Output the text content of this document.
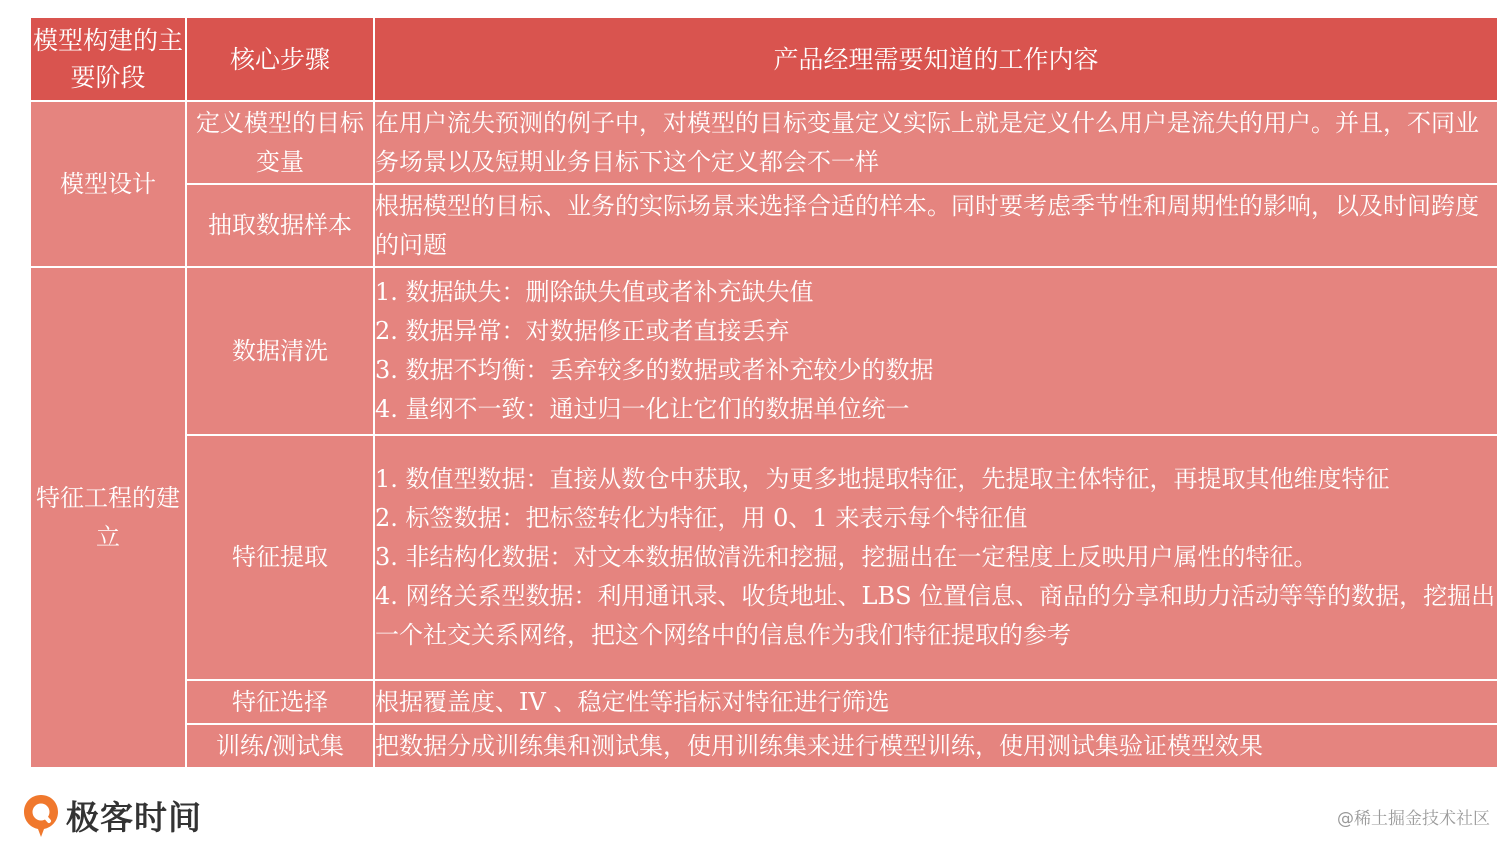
模型构建的主要阶段	核心步骤	产品经理需要知道的工作内容
模型设计	定义模型的目标变量	在用户流失预测的例子中，对模型的目标变量定义实际上就是定义什么用户是流失的用户。并且，不同业务场景以及短期业务目标下这个定义都会不一样

	抽取数据样本	根据模型的目标、业务的实际场景来选择合适的样本。同时要考虑季节性和周期性的影响，以及时间跨度的问题

特征工程的建立	数据清洗	1. 数据缺失：删除缺失值或者补充缺失值
2. 数据异常：对数据修正或者直接丢弃
3. 数据不均衡：丢弃较多的数据或者补充较少的数据
4. 量纲不一致：通过归一化让它们的数据单位统一

	特征提取	1. 数值型数据：直接从数仓中获取，为更多地提取特征，先提取主体特征，再提取其他维度特征
2. 标签数据：把标签转化为特征，用 0、1 来表示每个特征值
3. 非结构化数据：对文本数据做清洗和挖掘，挖掘出在一定程度上反映用户属性的特征。
4. 网络关系型数据：利用通讯录、收货地址、LBS 位置信息、商品的分享和助力活动等等的数据，挖掘出一个社交关系网络，把这个网络中的信息作为我们特征提取的参考

	特征选择	根据覆盖度、IV 、稳定性等指标对特征进行筛选

	训练/测试集	把数据分成训练集和测试集，使用训练集来进行模型训练，使用测试集验证模型效果
极客时间	@稀土掘金技术社区
